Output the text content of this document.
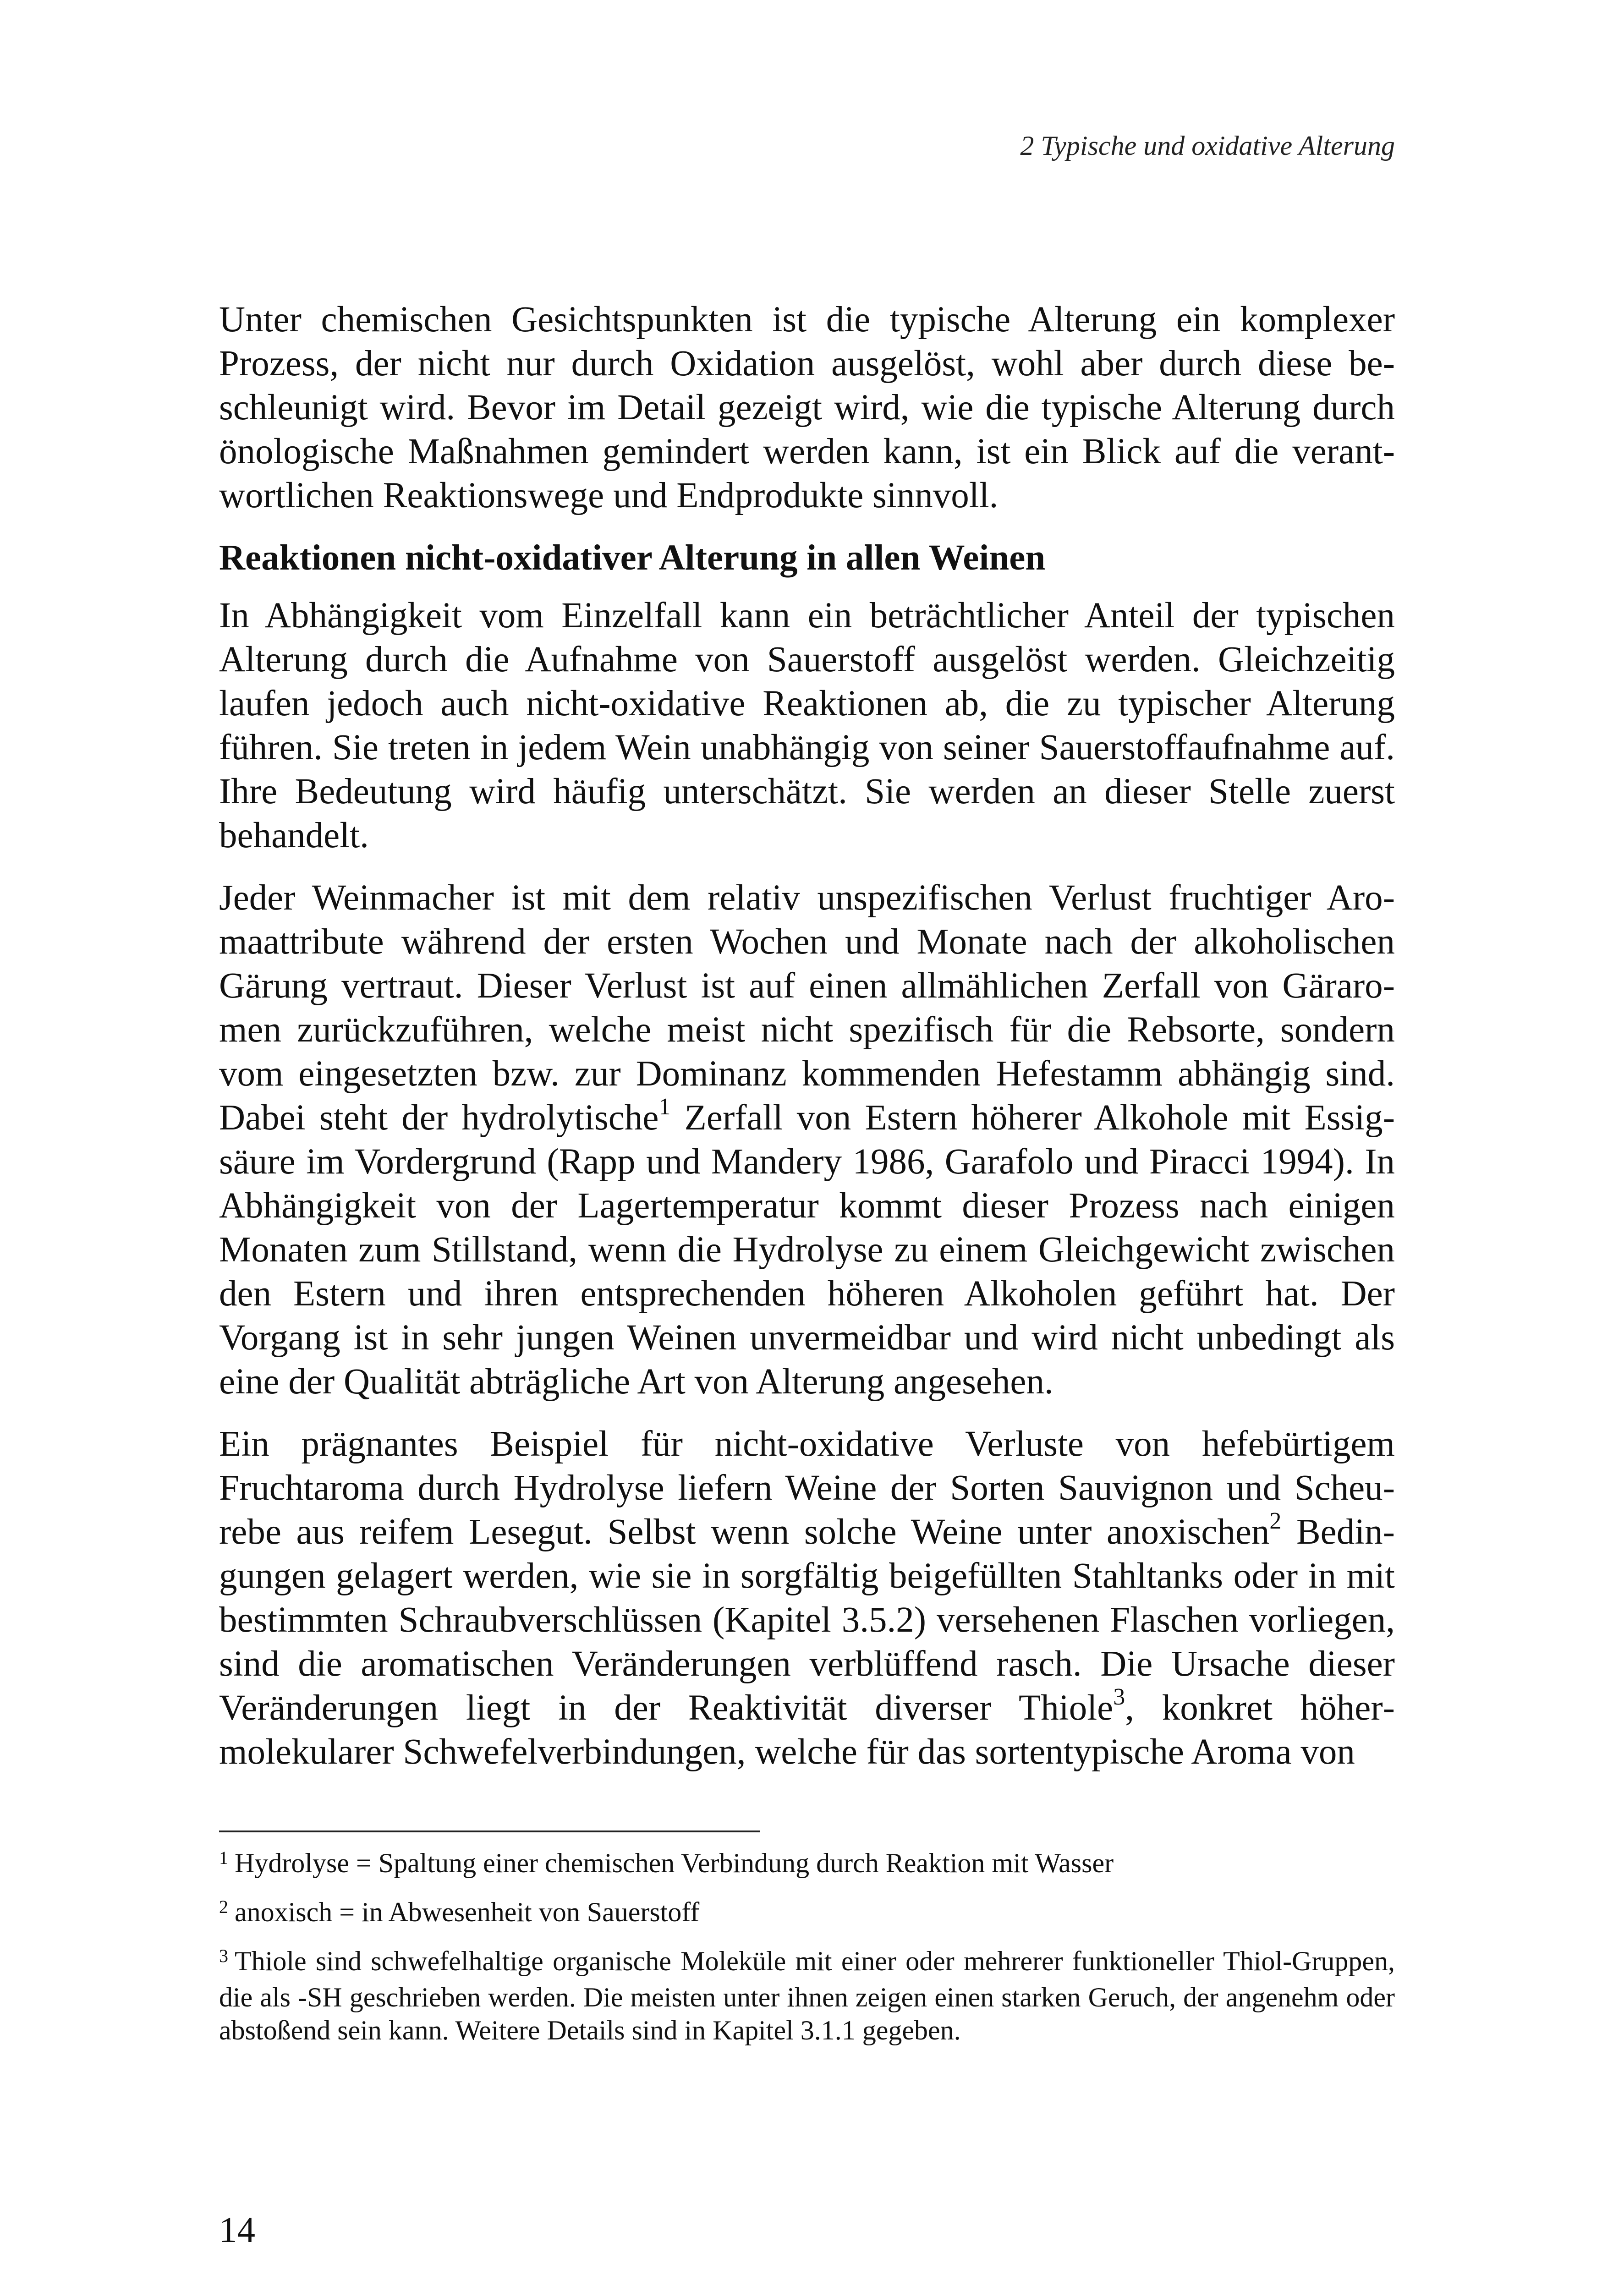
2 Typische und oxidative Alterung

Unter chemischen Gesichtspunkten ist die typische Alterung ein komplexer Prozess, der nicht nur durch Oxidation ausgelöst, wohl aber durch diese beschleunigt wird. Bevor im Detail gezeigt wird, wie die typische Alterung durch önologische Maßnahmen gemindert werden kann, ist ein Blick auf die verantwortlichen Reaktionswege und Endprodukte sinnvoll.

Reaktionen nicht-oxidativer Alterung in allen Weinen

In Abhängigkeit vom Einzelfall kann ein beträchtlicher Anteil der typischen Alterung durch die Aufnahme von Sauerstoff ausgelöst werden. Gleichzeitig laufen jedoch auch nicht-oxidative Reaktionen ab, die zu typischer Alterung führen. Sie treten in jedem Wein unabhängig von seiner Sauerstoffaufnahme auf. Ihre Bedeutung wird häufig unterschätzt. Sie werden an dieser Stelle zuerst behandelt.

Jeder Weinmacher ist mit dem relativ unspezifischen Verlust fruchtiger Aromaattribute während der ersten Wochen und Monate nach der alkoholischen Gärung vertraut. Dieser Verlust ist auf einen allmählichen Zerfall von Gärarоmen zurückzuführen, welche meist nicht spezifisch für die Rebsorte, sondern vom eingesetzten bzw. zur Dominanz kommenden Hefestamm abhängig sind. Dabei steht der hydrolytische$^1$ Zerfall von Estern höherer Alkohole mit Essigsäure im Vordergrund (Rapp und Mandery 1986, Garafolo und Piracci 1994). In Abhängigkeit von der Lagertemperatur kommt dieser Prozess nach einigen Monaten zum Stillstand, wenn die Hydrolyse zu einem Gleichgewicht zwischen den Estern und ihren entsprechenden höheren Alkoholen geführt hat. Der Vorgang ist in sehr jungen Weinen unvermeidbar und wird nicht unbedingt als eine der Qualität abträgliche Art von Alterung angesehen.

Ein prägnantes Beispiel für nicht-oxidative Verluste von hefebürtigem Fruchtaroma durch Hydrolyse liefern Weine der Sorten Sauvignon und Scheurebe aus reifem Lesegut. Selbst wenn solche Weine unter anoxischen$^2$ Bedingungen gelagert werden, wie sie in sorgfältig beigefüllten Stahltanks oder in mit bestimmten Schraubverschlüssen (Kapitel 3.5.2) versehenen Flaschen vorliegen, sind die aromatischen Veränderungen verblüffend rasch. Die Ursache dieser Veränderungen liegt in der Reaktivität diverser Thiole$^3$, konkret höhermolekularer Schwefelverbindungen, welche für das sortentypische Aroma von

$^1$ Hydrolyse = Spaltung einer chemischen Verbindung durch Reaktion mit Wasser
$^2$ anoxisch = in Abwesenheit von Sauerstoff
$^3$ Thiole sind schwefelhaltige organische Moleküle mit einer oder mehrerer funktioneller Thiol-Gruppen, die als -SH geschrieben werden. Die meisten unter ihnen zeigen einen starken Geruch, der angenehm oder abstoßend sein kann. Weitere Details sind in Kapitel 3.1.1 gegeben.
14
